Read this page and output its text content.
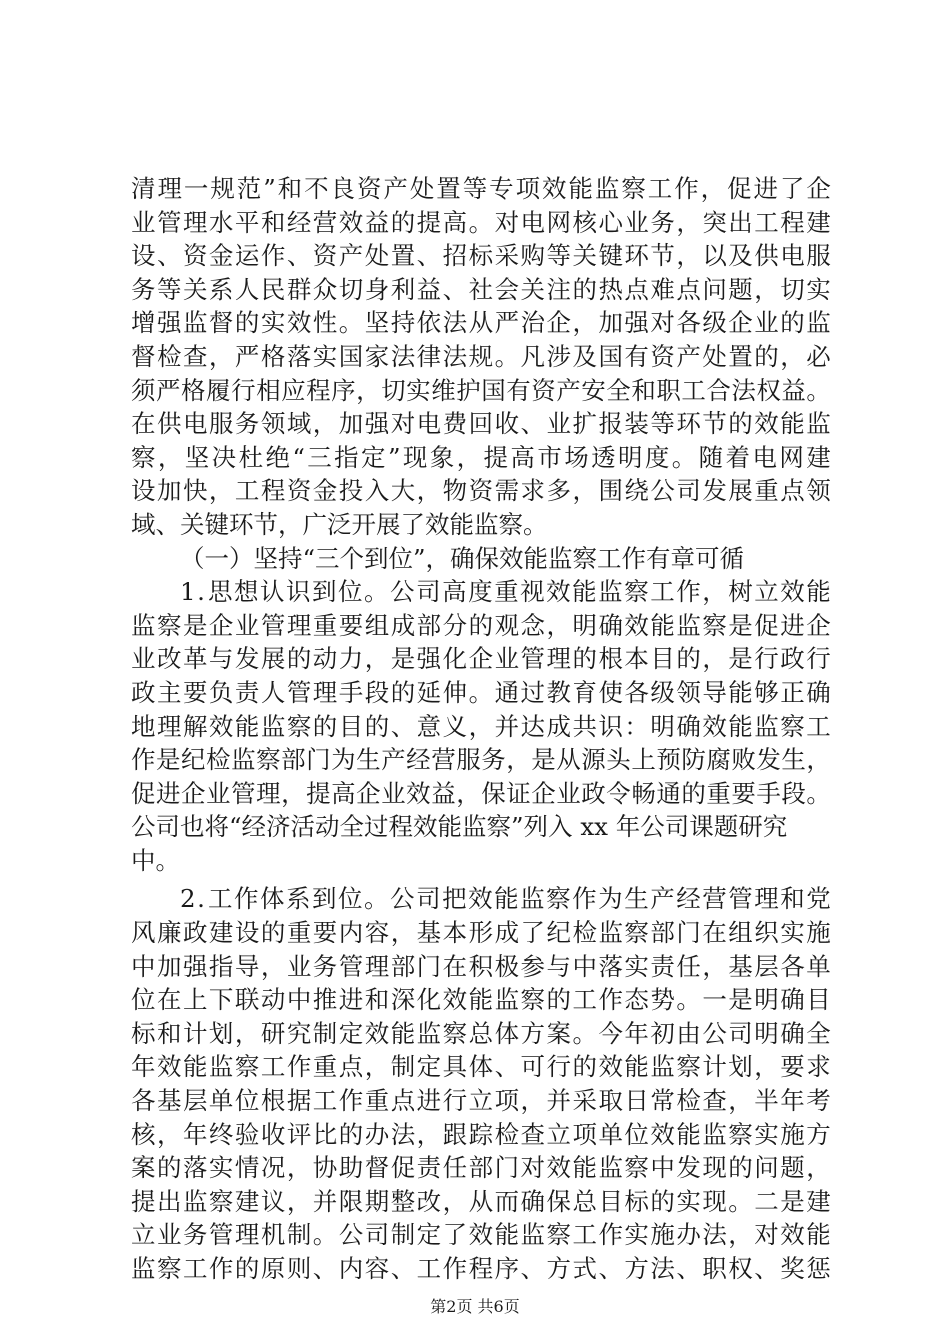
清 理 一 规 范 ” 和 不 良 资 产 处 置 等 专 项 效 能 监 察 工 作 ， 促 进 了 企
业 管 理 水 平 和 经 营 效 益 的 提 高 。 对 电 网 核 心 业 务 ， 突 出 工 程 建
设 、 资 金 运 作 、 资 产 处 置 、 招 标 采 购 等 关 键 环 节 ， 以 及 供 电 服
务 等 关 系 人 民 群 众 切 身 利 益 、 社 会 关 注 的 热 点 难 点 问 题 ， 切 实
增 强 监 督 的 实 效 性 。 坚 持 依 法 从 严 治 企 ， 加 强 对 各 级 企 业 的 监
督 检 查 ， 严 格 落 实 国 家 法 律 法 规 。 凡 涉 及 国 有 资 产 处 置 的 ， 必
须 严 格 履 行 相 应 程 序 ， 切 实 维 护 国 有 资 产 安 全 和 职 工 合 法 权 益 。
在 供 电 服 务 领 域 ， 加 强 对 电 费 回 收 、 业 扩 报 装 等 环 节 的 效 能 监
察 ， 坚 决 杜 绝 “ 三 指 定 ” 现 象 ， 提 高 市 场 透 明 度 。 随 着 电 网 建
设 加 快 ， 工 程 资 金 投 入 大 ， 物 资 需 求 多 ， 围 绕 公 司 发 展 重 点 领
域、关键环节，广泛开展了效能监察。
（一）坚持“三个到位”，确保效能监察工作有章可循
1 . 思 想 认 识 到 位 。 公 司 高 度 重 视 效 能 监 察 工 作 ， 树 立 效 能
监 察 是 企 业 管 理 重 要 组 成 部 分 的 观 念 ， 明 确 效 能 监 察 是 促 进 企
业 改 革 与 发 展 的 动 力 ， 是 强 化 企 业 管 理 的 根 本 目 的 ， 是 行 政 行
政 主 要 负 责 人 管 理 手 段 的 延 伸 。 通 过 教 育 使 各 级 领 导 能 够 正 确
地 理 解 效 能 监 察 的 目 的 、 意 义 ， 并 达 成 共 识 ： 明 确 效 能 监 察 工
作 是 纪 检 监 察 部 门 为 生 产 经 营 服 务 ， 是 从 源 头 上 预 防 腐 败 发 生 ，
促 进 企 业 管 理 ， 提 高 企 业 效 益 ， 保 证 企 业 政 令 畅 通 的 重 要 手 段 。
公司也将“经济活动全过程效能监察”列入 xx 年公司课题研究
中。
2 . 工 作 体 系 到 位 。 公 司 把 效 能 监 察 作 为 生 产 经 营 管 理 和 党
风 廉 政 建 设 的 重 要 内 容 ， 基 本 形 成 了 纪 检 监 察 部 门 在 组 织 实 施
中 加 强 指 导 ， 业 务 管 理 部 门 在 积 极 参 与 中 落 实 责 任 ， 基 层 各 单
位 在 上 下 联 动 中 推 进 和 深 化 效 能 监 察 的 工 作 态 势 。 一 是 明 确 目
标 和 计 划 ， 研 究 制 定 效 能 监 察 总 体 方 案 。 今 年 初 由 公 司 明 确 全
年 效 能 监 察 工 作 重 点 ， 制 定 具 体 、 可 行 的 效 能 监 察 计 划 ， 要 求
各 基 层 单 位 根 据 工 作 重 点 进 行 立 项 ， 并 采 取 日 常 检 查 ， 半 年 考
核 ， 年 终 验 收 评 比 的 办 法 ， 跟 踪 检 查 立 项 单 位 效 能 监 察 实 施 方
案 的 落 实 情 况 ， 协 助 督 促 责 任 部 门 对 效 能 监 察 中 发 现 的 问 题 ，
提 出 监 察 建 议 ， 并 限 期 整 改 ， 从 而 确 保 总 目 标 的 实 现 。 二 是 建
立 业 务 管 理 机 制 。 公 司 制 定 了 效 能 监 察 工 作 实 施 办 法 ， 对 效 能
监 察 工 作 的 原 则 、 内 容 、 工 作 程 序 、 方 式 、 方 法 、 职 权 、 奖 惩
第2页 共6页
